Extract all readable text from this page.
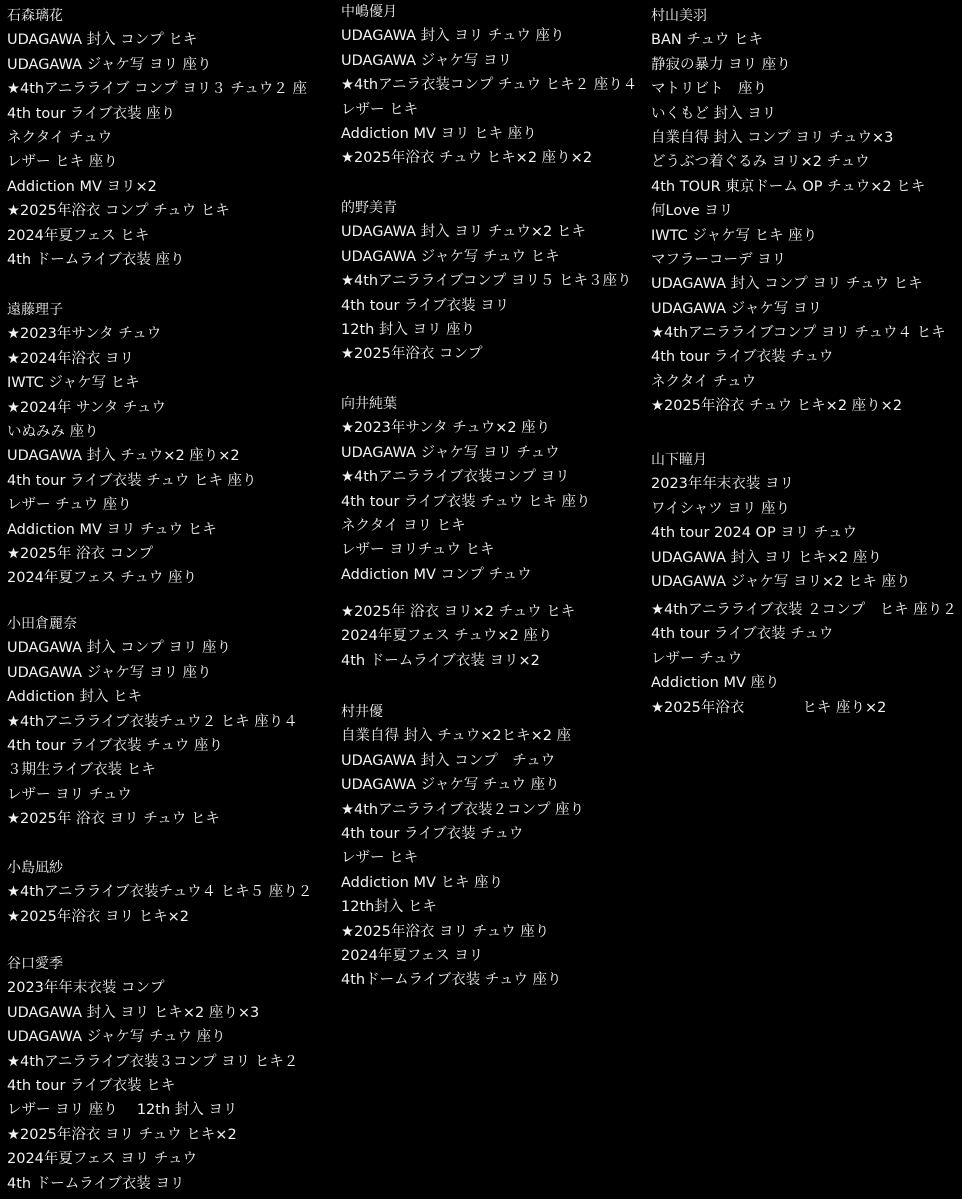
石森璃花
UDAGAWA 封入 コンプ ヒキ
UDAGAWA ジャケ写 ヨリ 座り
★4thアニラライブ コンプ ヨリ３ チュウ２ 座
4th tour ライブ衣装 座り
ネクタイ チュウ
レザー ヒキ 座り
Addiction MV ヨリ×2
★2025年浴衣 コンプ チュウ ヒキ
2024年夏フェス ヒキ
4th ドームライブ衣装 座り
遠藤理子
★2023年サンタ チュウ
★2024年浴衣 ヨリ
IWTC ジャケ写 ヒキ
★2024年 サンタ チュウ
いぬみみ 座り
UDAGAWA 封入 チュウ×2 座り×2
4th tour ライブ衣装 チュウ ヒキ 座り
レザー チュウ 座り
Addiction MV ヨリ チュウ ヒキ
★2025年 浴衣 コンプ
2024年夏フェス チュウ 座り
小田倉麗奈
UDAGAWA 封入 コンプ ヨリ 座り
UDAGAWA ジャケ写 ヨリ 座り
Addiction 封入 ヒキ
★4thアニラライブ衣装チュウ２ ヒキ 座り４
4th tour ライブ衣装 チュウ 座り
３期生ライブ衣装 ヒキ
レザー ヨリ チュウ
★2025年 浴衣 ヨリ チュウ ヒキ
小島凪紗
★4thアニラライブ衣装チュウ４ ヒキ５ 座り２
★2025年浴衣 ヨリ ヒキ×2
谷口愛季
2023年年末衣装 コンプ
UDAGAWA 封入 ヨリ ヒキ×2 座り×3
UDAGAWA ジャケ写 チュウ 座り
★4thアニラライブ衣装３コンプ ヨリ ヒキ２
4th tour ライブ衣装 ヒキ
レザー ヨリ 座り　 12th 封入 ヨリ
★2025年浴衣 ヨリ チュウ ヒキ×2
2024年夏フェス ヨリ チュウ
4th ドームライブ衣装 ヨリ
中嶋優月
UDAGAWA 封入 ヨリ チュウ 座り
UDAGAWA ジャケ写 ヨリ
★4thアニラ衣装コンプ チュウ ヒキ２ 座り４
レザー ヒキ
Addiction MV ヨリ ヒキ 座り
★2025年浴衣 チュウ ヒキ×2 座り×2
的野美青
UDAGAWA 封入 ヨリ チュウ×2 ヒキ
UDAGAWA ジャケ写 チュウ ヒキ
★4thアニラライブコンプ ヨリ５ ヒキ３座り
4th tour ライブ衣装 ヨリ
12th 封入 ヨリ 座り
★2025年浴衣 コンプ
向井純葉
★2023年サンタ チュウ×2 座り
UDAGAWA ジャケ写 ヨリ チュウ
★4thアニラライブ衣装コンプ ヨリ
4th tour ライブ衣装 チュウ ヒキ 座り
ネクタイ ヨリ ヒキ
レザー ヨリチュウ ヒキ
Addiction MV コンプ チュウ
★2025年 浴衣 ヨリ×2 チュウ ヒキ
2024年夏フェス チュウ×2 座り
4th ドームライブ衣装 ヨリ×2
村井優
自業自得 封入 チュウ×2ヒキ×2 座
UDAGAWA 封入 コンプ　チュウ
UDAGAWA ジャケ写 チュウ 座り
★4thアニラライブ衣装２コンプ 座り
4th tour ライブ衣装 チュウ
レザー ヒキ
Addiction MV ヒキ 座り
12th封入 ヒキ
★2025年浴衣 ヨリ チュウ 座り
2024年夏フェス ヨリ
4thドームライブ衣装 チュウ 座り
村山美羽
BAN チュウ ヒキ
静寂の暴力 ヨリ 座り
マトリビト　座り
いくもど 封入 ヨリ
自業自得 封入 コンプ ヨリ チュウ×3
どうぶつ着ぐるみ ヨリ×2 チュウ
4th TOUR 東京ドーム OP チュウ×2 ヒキ
何Love ヨリ
IWTC ジャケ写 ヒキ 座り
マフラーコーデ ヨリ
UDAGAWA 封入 コンプ ヨリ チュウ ヒキ
UDAGAWA ジャケ写 ヨリ
★4thアニラライブコンプ ヨリ チュウ４ ヒキ
4th tour ライブ衣装 チュウ
ネクタイ チュウ
★2025年浴衣 チュウ ヒキ×2 座り×2
山下瞳月
2023年年末衣装 ヨリ
ワイシャツ ヨリ 座り
4th tour 2024 OP ヨリ チュウ
UDAGAWA 封入 ヨリ ヒキ×2 座り
UDAGAWA ジャケ写 ヨリ×2 ヒキ 座り
★4thアニラライブ衣装 ２コンプ　ヒキ 座り２
4th tour ライブ衣装 チュウ
レザー チュウ
Addiction MV 座り
★2025年浴衣　　　　ヒキ 座り×2
